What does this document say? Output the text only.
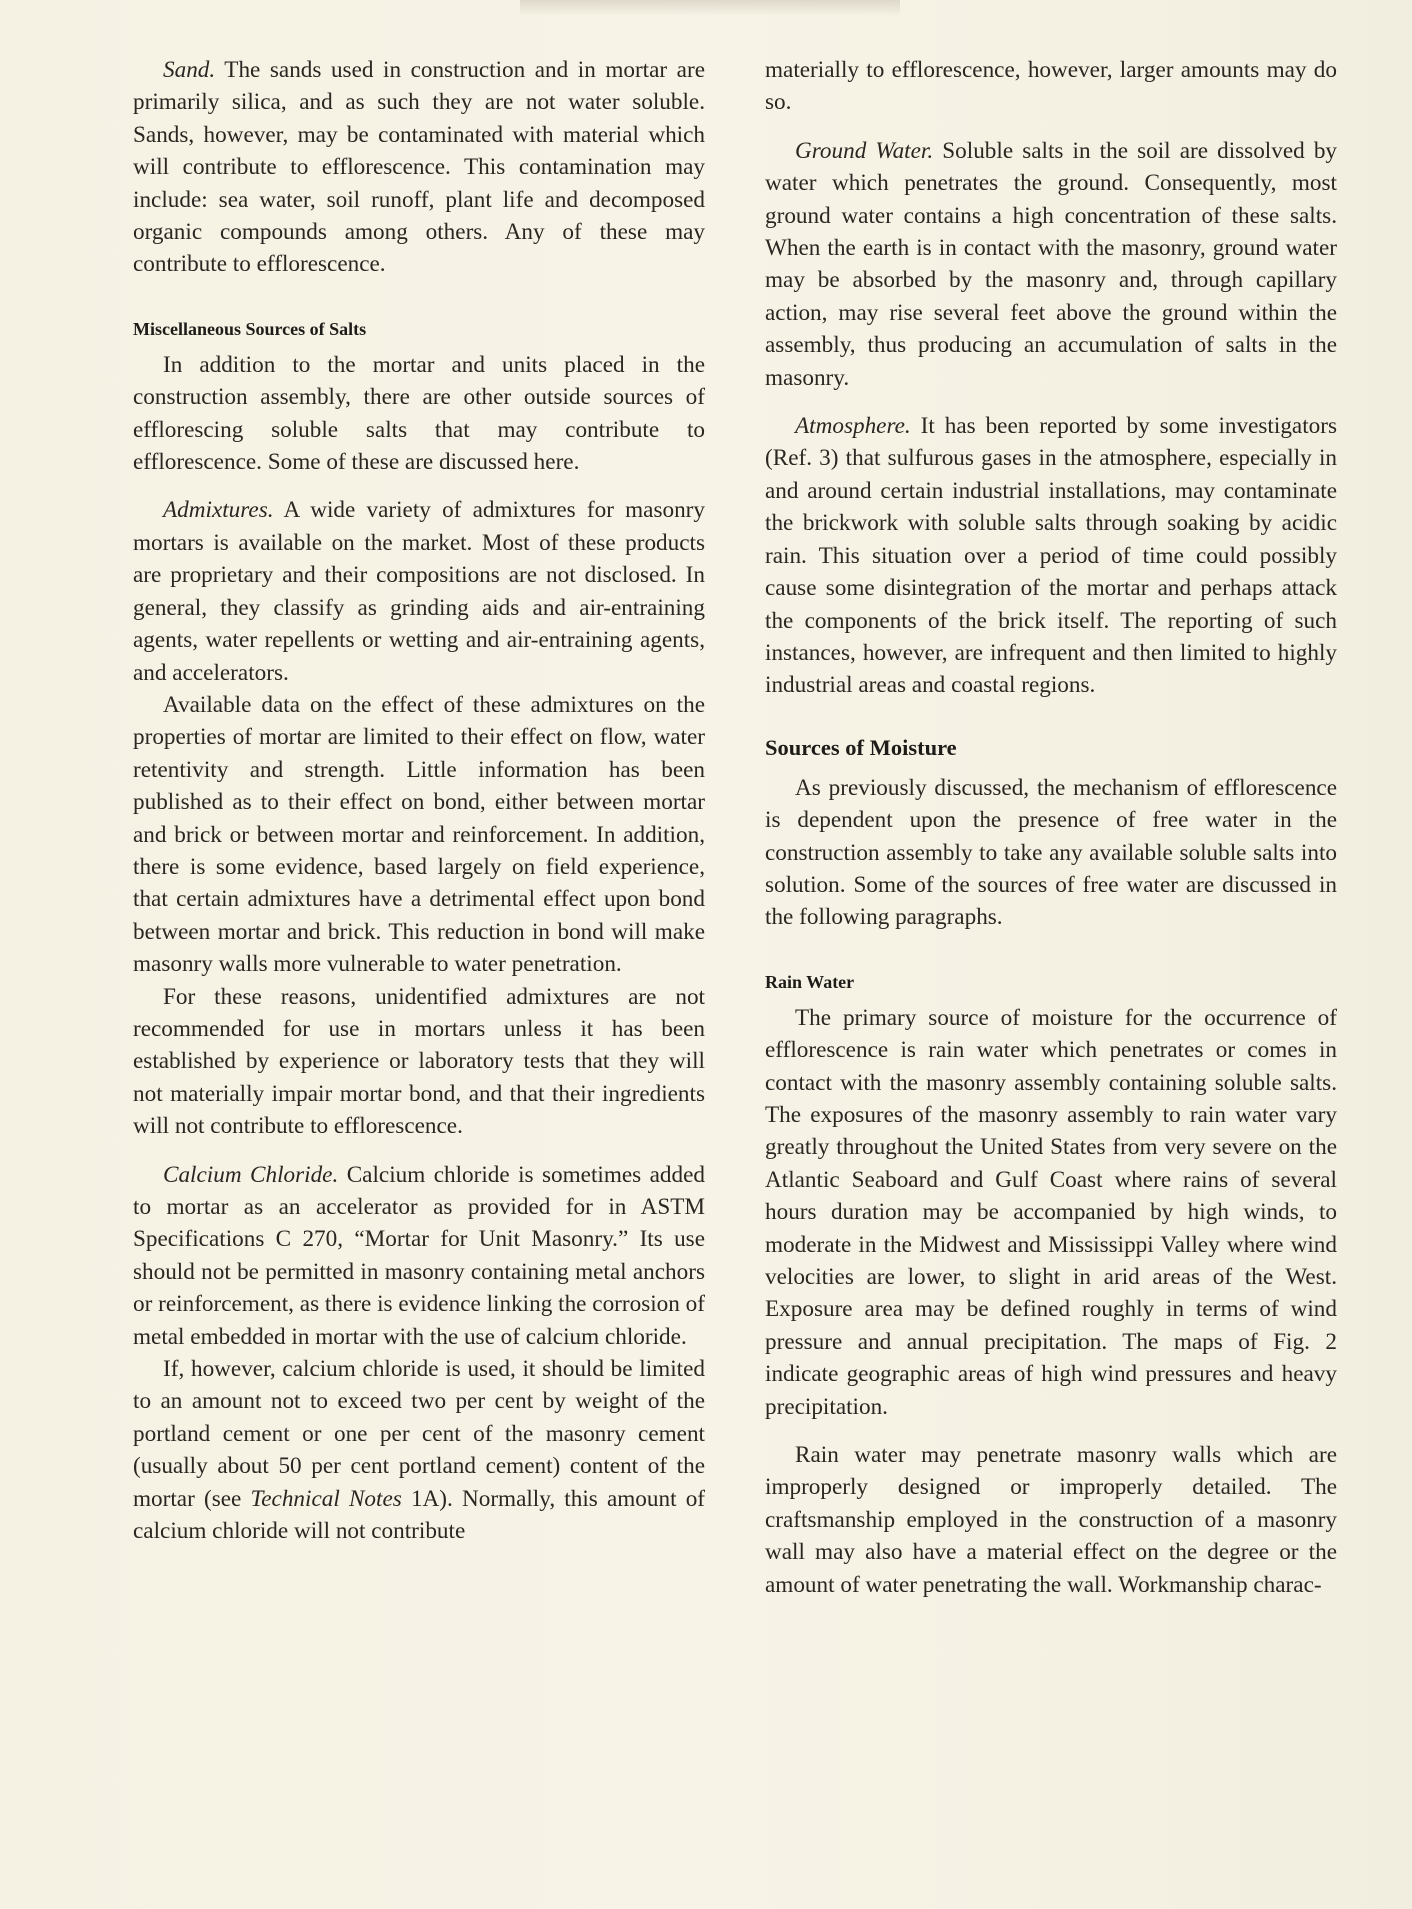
Sand. The sands used in construction and in mortar are primarily silica, and as such they are not water soluble. Sands, however, may be contaminated with material which will contribute to efflorescence. This contamination may include: sea water, soil runoff, plant life and decomposed organic compounds among others. Any of these may contribute to efflorescence.

Miscellaneous Sources of Salts

In addition to the mortar and units placed in the construction assembly, there are other outside sources of efflorescing soluble salts that may contribute to efflorescence. Some of these are discussed here.

Admixtures. A wide variety of admixtures for masonry mortars is available on the market. Most of these products are proprietary and their compositions are not disclosed. In general, they classify as grinding aids and air-entraining agents, water repellents or wetting and air-entraining agents, and accelerators.

Available data on the effect of these admixtures on the properties of mortar are limited to their effect on flow, water retentivity and strength. Little information has been published as to their effect on bond, either between mortar and brick or between mortar and reinforcement. In addition, there is some evidence, based largely on field experience, that certain admixtures have a detrimental effect upon bond between mortar and brick. This reduction in bond will make masonry walls more vulnerable to water penetration.

For these reasons, unidentified admixtures are not recommended for use in mortars unless it has been established by experience or laboratory tests that they will not materially impair mortar bond, and that their ingredients will not contribute to efflorescence.

Calcium Chloride. Calcium chloride is sometimes added to mortar as an accelerator as provided for in ASTM Specifications C 270, “Mortar for Unit Masonry.” Its use should not be permitted in masonry containing metal anchors or reinforcement, as there is evidence linking the corrosion of metal embedded in mortar with the use of calcium chloride.

If, however, calcium chloride is used, it should be limited to an amount not to exceed two per cent by weight of the portland cement or one per cent of the masonry cement (usually about 50 per cent portland cement) content of the mortar (see Technical Notes 1A). Normally, this amount of calcium chloride will not contribute

materially to efflorescence, however, larger amounts may do so.

Ground Water. Soluble salts in the soil are dissolved by water which penetrates the ground. Consequently, most ground water contains a high concentration of these salts. When the earth is in contact with the masonry, ground water may be absorbed by the masonry and, through capillary action, may rise several feet above the ground within the assembly, thus producing an accumulation of salts in the masonry.

Atmosphere. It has been reported by some investigators (Ref. 3) that sulfurous gases in the atmosphere, especially in and around certain industrial installations, may contaminate the brickwork with soluble salts through soaking by acidic rain. This situation over a period of time could possibly cause some disintegration of the mortar and perhaps attack the components of the brick itself. The reporting of such instances, however, are infrequent and then limited to highly industrial areas and coastal regions.

Sources of Moisture

As previously discussed, the mechanism of efflorescence is dependent upon the presence of free water in the construction assembly to take any available soluble salts into solution. Some of the sources of free water are discussed in the following paragraphs.

Rain Water

The primary source of moisture for the occurrence of efflorescence is rain water which penetrates or comes in contact with the masonry assembly containing soluble salts. The exposures of the masonry assembly to rain water vary greatly throughout the United States from very severe on the Atlantic Seaboard and Gulf Coast where rains of several hours duration may be accompanied by high winds, to moderate in the Midwest and Mississippi Valley where wind velocities are lower, to slight in arid areas of the West. Exposure area may be defined roughly in terms of wind pressure and annual precipitation. The maps of Fig. 2 indicate geographic areas of high wind pressures and heavy precipitation.

Rain water may penetrate masonry walls which are improperly designed or improperly detailed. The craftsmanship employed in the construction of a masonry wall may also have a material effect on the degree or the amount of water penetrating the wall. Workmanship charac-
